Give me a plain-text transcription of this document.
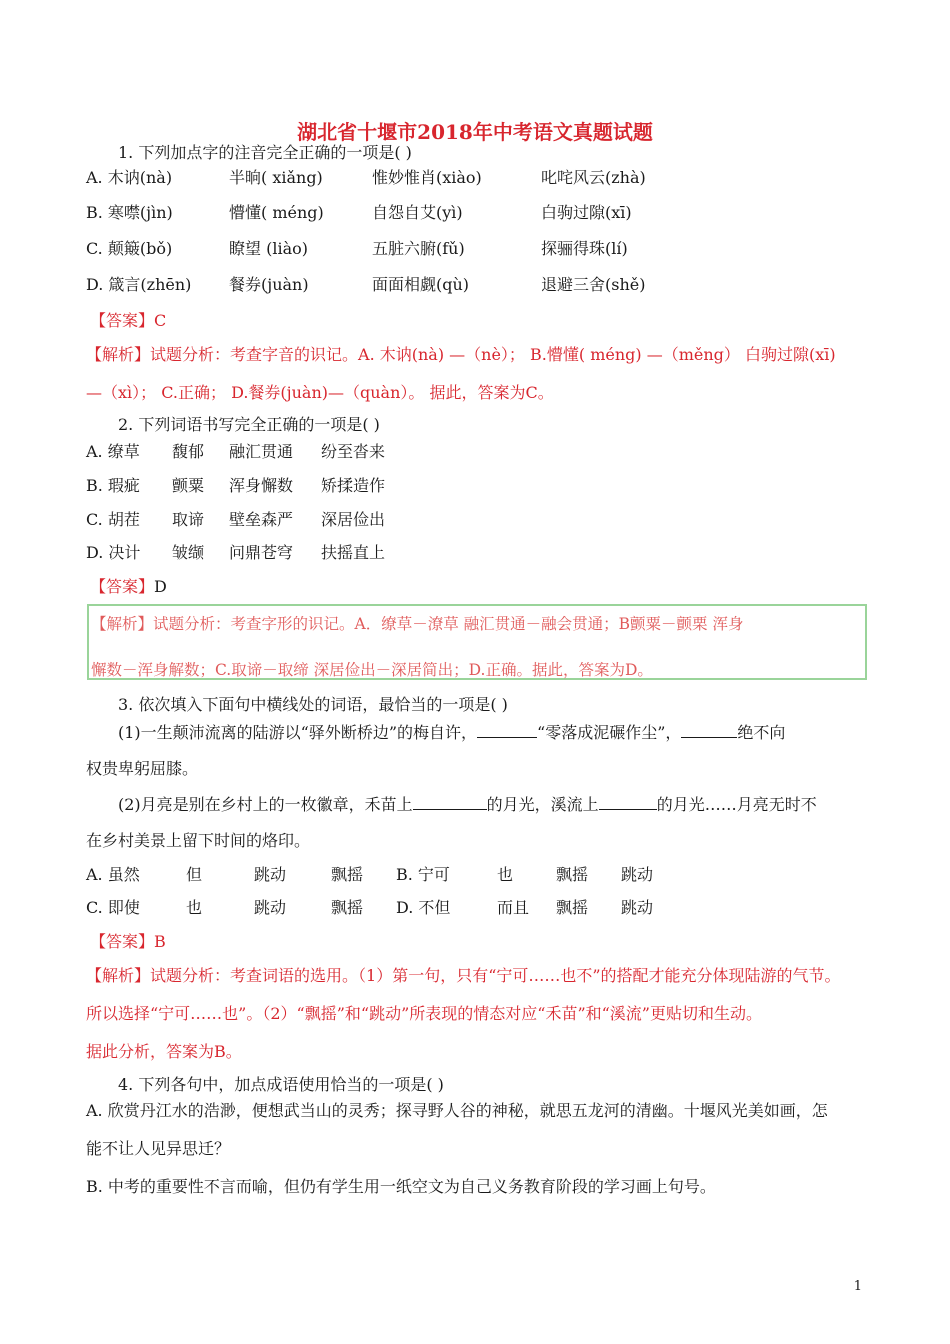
湖北省十堰市2018年中考语文真题试题
1. 下列加点字的注音完全正确的一项是( )
A. 木讷(nà)	半晌( xiǎng)	惟妙惟肖(xiào)	叱咤风云(zhà)
B. 寒噤(jìn)	懵懂( méng)	自怨自艾(yì)	白驹过隙(xī)
C. 颠簸(bǒ)	瞭望 (liào)	五脏六腑(fǔ)	探骊得珠(lí)
D. 箴言(zhēn) 餐券(juàn)	面面相觑(qù)	退避三舍(shě)
【答案】C
【解析】试题分析：考查字音的识记。A. 木讷(nà) —（nè）； B.懵懂( méng) —（měng） 白驹过隙(xī)
—（xì）； C.正确； D.餐券(juàn)—（quàn）。 据此，答案为C。
2. 下列词语书写完全正确的一项是( )
A. 缭草 馥郁 融汇贯通 纷至沓来
B. 瑕疵 颤粟 浑身懈数 矫揉造作
C. 胡茬 取谛 壁垒森严 深居俭出
D. 决计 皱缬 问鼎苍穹 扶摇直上
【答案】D
【解析】试题分析：考查字形的识记。A．缭草－潦草 融汇贯通－融会贯通；B颤粟－颤栗 浑身
懈数－浑身解数；C.取谛－取缔 深居俭出－深居简出；D.正确。据此，答案为D。
3. 依次填入下面句中横线处的词语，最恰当的一项是( )
(1)一生颠沛流离的陆游以“驿外断桥边”的梅自许，	“零落成泥碾作尘”，	绝不向
权贵卑躬屈膝。
(2)月亮是别在乡村上的一枚徽章，禾苗上	的月光，溪流上	的月光……月亮无时不
在乡村美景上留下时间的烙印。
A. 虽然	但	跳动	飘摇 B. 宁可	也	飘摇 跳动
C. 即使	也	跳动	飘摇 D. 不但	而且 飘摇 跳动
【答案】B
【解析】试题分析：考查词语的选用。（1）第一句，只有“宁可……也不”的搭配才能充分体现陆游的气节。
所以选择“宁可……也”。（2）“飘摇”和“跳动”所表现的情态对应“禾苗”和“溪流”更贴切和生动。
据此分析，答案为B。
4. 下列各句中，加点成语使用恰当的一项是( )
A. 欣赏丹江水的浩渺，便想武当山的灵秀；探寻野人谷的神秘，就思五龙河的清幽。十堰风光美如画，怎
能不让人见异思迁？
B. 中考的重要性不言而喻，但仍有学生用一纸空文为自己义务教育阶段的学习画上句号。
1
